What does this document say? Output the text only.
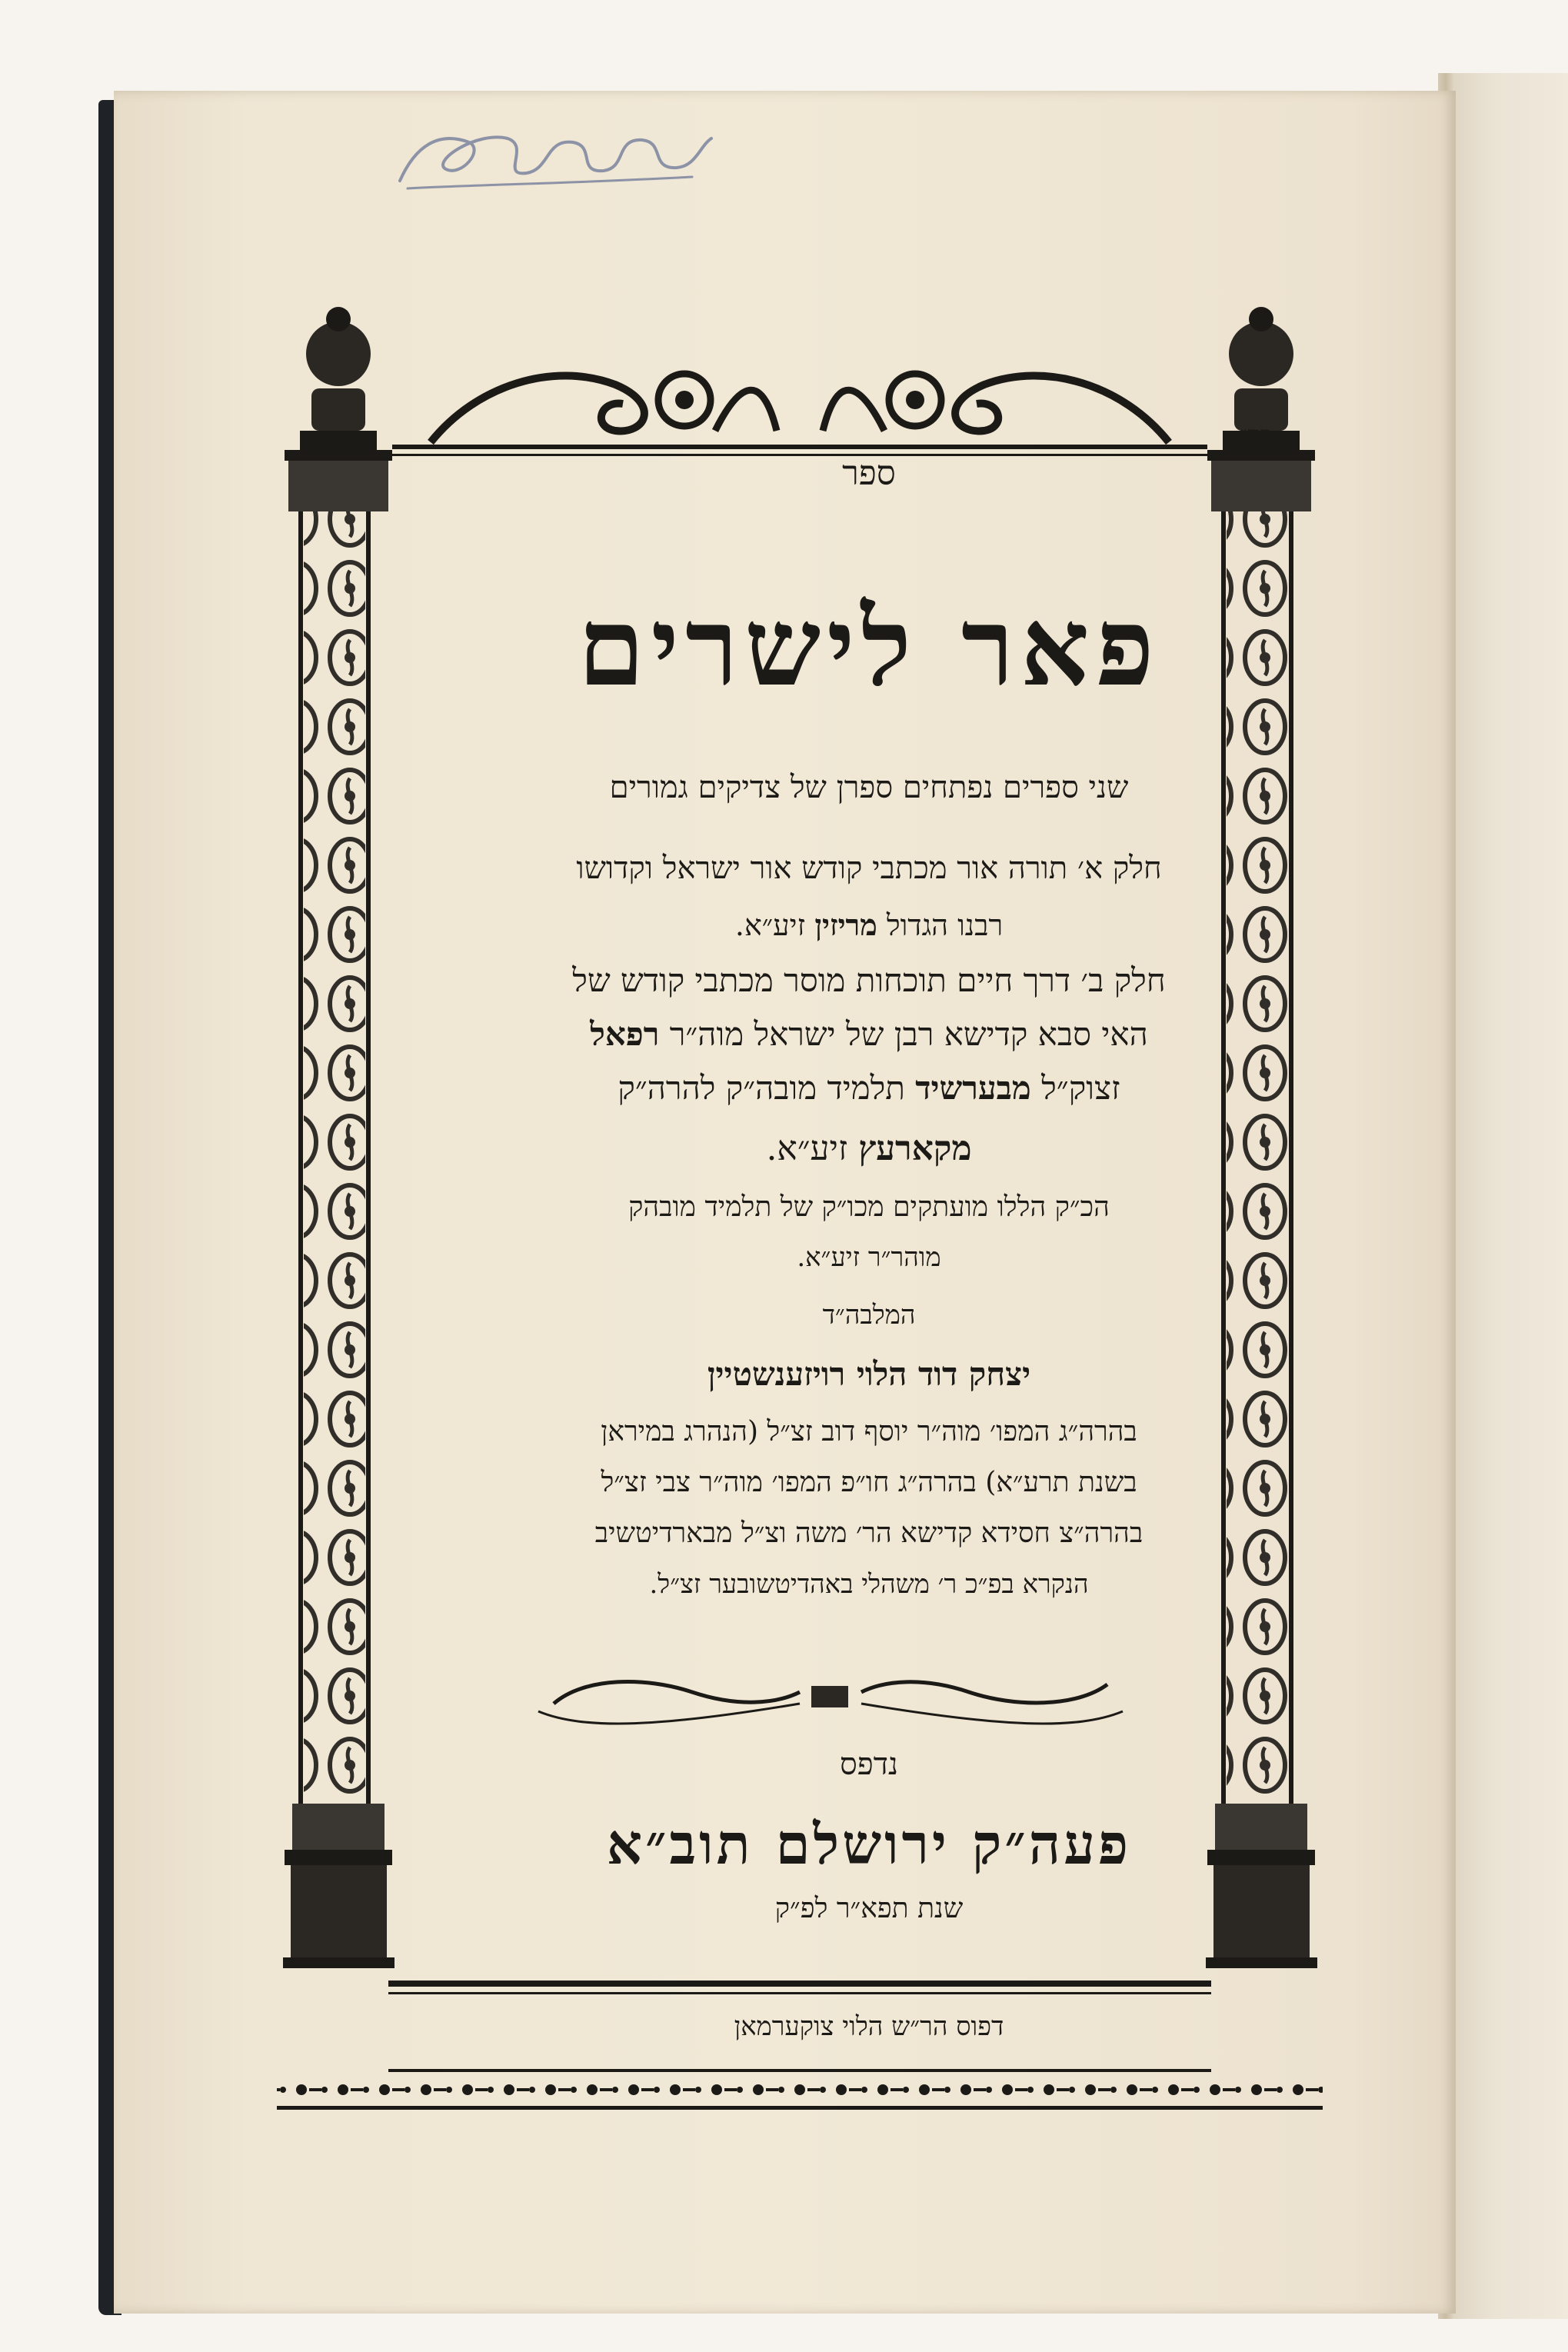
בה״
ספר
פאר לישרים
שני ספרים נפתחים ספרן של צדיקים גמורים
חלק א׳ תורה אור מכתבי קודש אור ישראל וקדושו
רבנו הגדול מריזין זיע״א.
חלק ב׳ דרך חיים תוכחות מוסר מכתבי קודש של
האי סבא קדישא רבן של ישראל מוה״ר רפאל
זצוק״ל מבערשיד תלמיד מובה״ק להרה״ק
מקארעץ זיע״א.
הכ״ק הללו מועתקים מכו״ק של תלמיד מובהק
מוהר״ר זיע״א.
המלבה״ד
יצחק דוד הלוי רויזענשטיין
בהרה״ג המפו׳ מוה״ר יוסף דוב זצ״ל (הנהרג במיראן
בשנת תרע״א) בהרה״ג חו״פ המפו׳ מוה״ר צבי זצ״ל
בהרה״צ חסידא קדישא הר׳ משה וצ״ל מבארדיטשיב
הנקרא בפ״כ ר׳ משהלי באהדיטשובער זצ״ל.
נדפס
פעה״ק ירושלם תוב״א
שנת תפא״ר לפ״ק
דפוס הר״ש הלוי צוקערמאן
